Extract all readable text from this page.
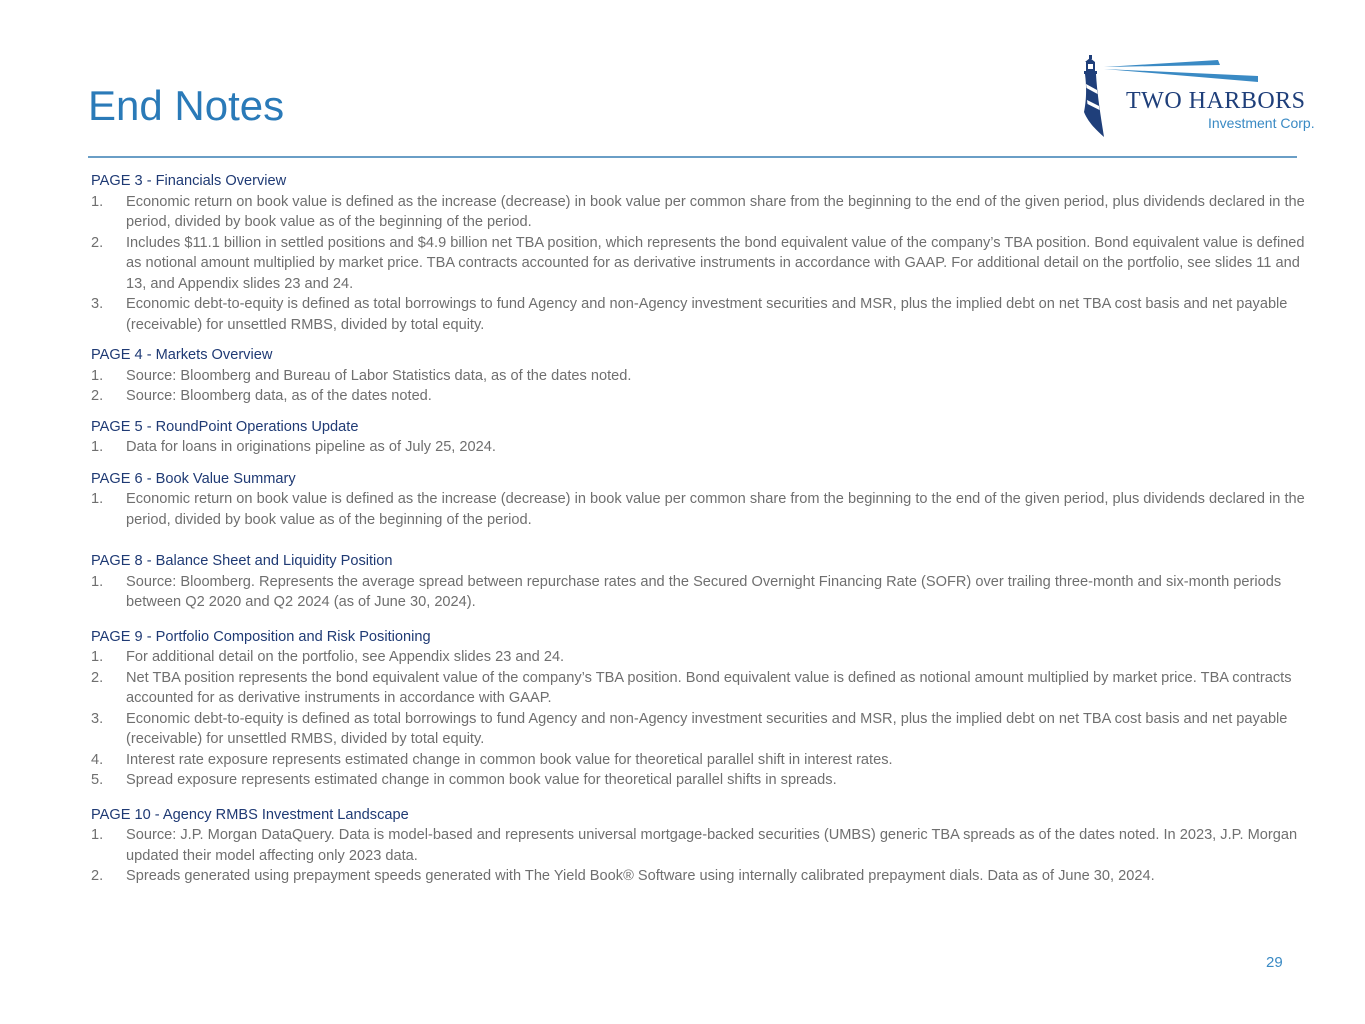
End Notes	TWO HARBORS
Investment Corp.

PAGE 3 - Financials Overview

1. Economic return on book value is defined as the increase (decrease) in book value per common share from the beginning to the end of the given period, plus dividends declared in the period, divided by book value as of the beginning of the period.
2. Includes $11.1 billion in settled positions and $4.9 billion net TBA position, which represents the bond equivalent value of the company’s TBA position. Bond equivalent value is defined as notional amount multiplied by market price. TBA contracts accounted for as derivative instruments in accordance with GAAP. For additional detail on the portfolio, see slides 11 and 13, and Appendix slides 23 and 24.
3. Economic debt-to-equity is defined as total borrowings to fund Agency and non-Agency investment securities and MSR, plus the implied debt on net TBA cost basis and net payable (receivable) for unsettled RMBS, divided by total equity.

PAGE 4 - Markets Overview

1. Source: Bloomberg and Bureau of Labor Statistics data, as of the dates noted.
2. Source: Bloomberg data, as of the dates noted.

PAGE 5 - RoundPoint Operations Update

1. Data for loans in originations pipeline as of July 25, 2024.

PAGE 6 - Book Value Summary

1. Economic return on book value is defined as the increase (decrease) in book value per common share from the beginning to the end of the given period, plus dividends declared in the period, divided by book value as of the beginning of the period.

PAGE 8 - Balance Sheet and Liquidity Position

1. Source: Bloomberg. Represents the average spread between repurchase rates and the Secured Overnight Financing Rate (SOFR) over trailing three-month and six-month periods between Q2 2020 and Q2 2024 (as of June 30, 2024).

PAGE 9 - Portfolio Composition and Risk Positioning

1. For additional detail on the portfolio, see Appendix slides 23 and 24.
2. Net TBA position represents the bond equivalent value of the company’s TBA position. Bond equivalent value is defined as notional amount multiplied by market price. TBA contracts accounted for as derivative instruments in accordance with GAAP.
3. Economic debt-to-equity is defined as total borrowings to fund Agency and non-Agency investment securities and MSR, plus the implied debt on net TBA cost basis and net payable (receivable) for unsettled RMBS, divided by total equity.
4. Interest rate exposure represents estimated change in common book value for theoretical parallel shift in interest rates.
5. Spread exposure represents estimated change in common book value for theoretical parallel shifts in spreads.

PAGE 10 - Agency RMBS Investment Landscape

1. Source: J.P. Morgan DataQuery. Data is model-based and represents universal mortgage-backed securities (UMBS) generic TBA spreads as of the dates noted. In 2023, J.P. Morgan updated their model affecting only 2023 data.
2. Spreads generated using prepayment speeds generated with The Yield Book® Software using internally calibrated prepayment dials. Data as of June 30, 2024.
29
